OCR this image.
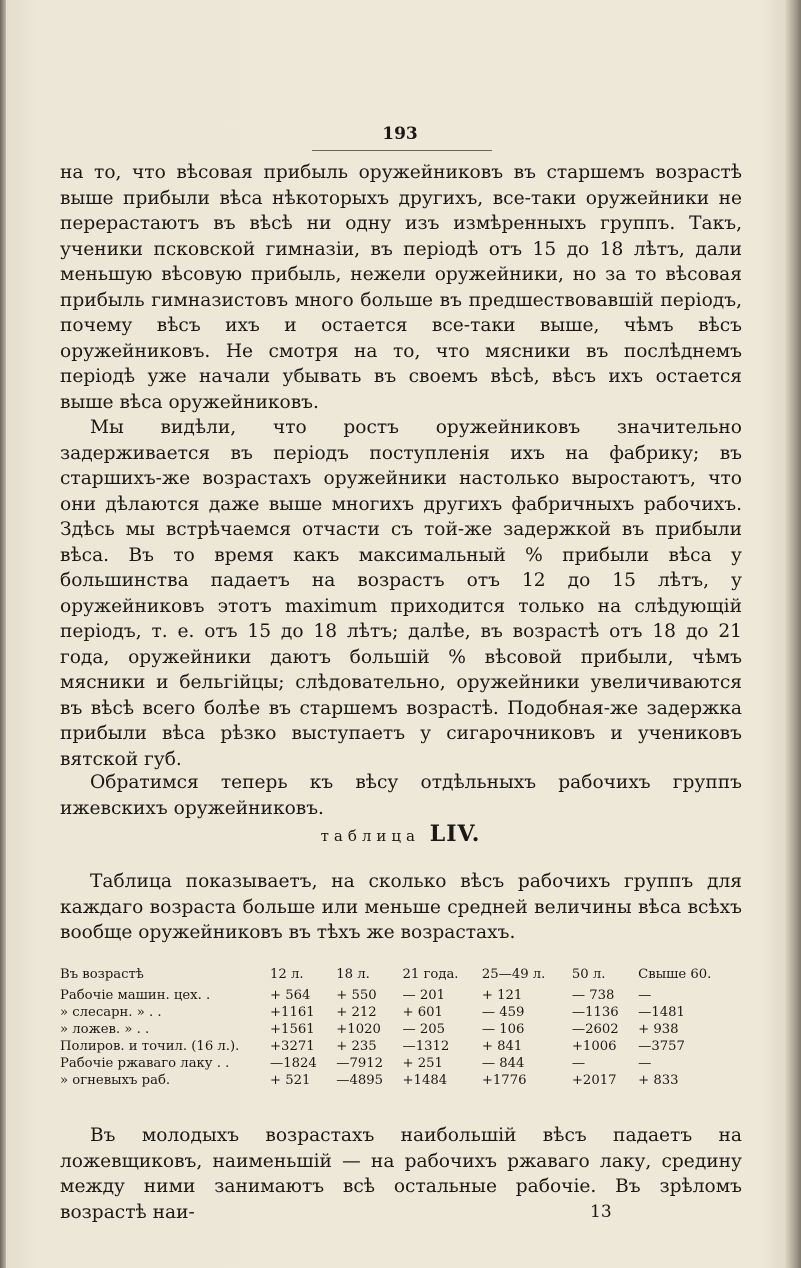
193

на то, что вѣсовая прибыль оружейниковъ въ старшемъ возрастѣ выше прибыли вѣса нѣкоторыхъ другихъ, все-таки оружейники не перерастаютъ въ вѣсѣ ни одну изъ измѣренныхъ группъ. Такъ, ученики псковской гимназіи, въ періодѣ отъ 15 до 18 лѣтъ, дали меньшую вѣсовую прибыль, нежели оружейники, но за то вѣсовая прибыль гимназистовъ много больше въ предшествовавшій періодъ, почему вѣсъ ихъ и остается все-таки выше, чѣмъ вѣсъ оружейниковъ. Не смотря на то, что мясники въ послѣднемъ періодѣ уже начали убывать въ своемъ вѣсѣ, вѣсъ ихъ остается выше вѣса оружейниковъ.

Мы видѣли, что ростъ оружейниковъ значительно задерживается въ періодъ поступленія ихъ на фабрику; въ старшихъ-же возрастахъ оружейники настолько выростаютъ, что они дѣлаются даже выше многихъ другихъ фабричныхъ рабочихъ. Здѣсь мы встрѣчаемся отчасти съ той-же задержкой въ прибыли вѣса. Въ то время какъ максимальный % прибыли вѣса у большинства падаетъ на возрастъ отъ 12 до 15 лѣтъ, у оружейниковъ этотъ maximum приходится только на слѣдующій періодъ, т. е. отъ 15 до 18 лѣтъ; далѣе, въ возрастѣ отъ 18 до 21 года, оружейники даютъ большій % вѣсовой прибыли, чѣмъ мясники и бельгійцы; слѣдовательно, оружейники увеличиваются въ вѣсѣ всего болѣе въ старшемъ возрастѣ. Подобная-же задержка прибыли вѣса рѣзко выступаетъ у сигарочниковъ и учениковъ вятской губ.

Обратимся теперь къ вѣсу отдѣльныхъ рабочихъ группъ ижевскихъ оружейниковъ.

таблица LIV.

Таблица показываетъ, на сколько вѣсъ рабочихъ группъ для каждаго возраста больше или меньше средней величины вѣса всѣхъ вообще оружейниковъ въ тѣхъ же возрастахъ.

Въ возрастѣ	12 л.	18 л.	21 года.	25—49 л.	50 л.	Свыше 60.
Рабочіе машин. цех. .	+ 564	+ 550	— 201	+ 121	— 738	—
» слесарн. » . .	+1161	+ 212	+ 601	— 459	—1136	—1481
» ложев. » . .	+1561	+1020	— 205	— 106	—2602	+ 938
Полиров. и точил. (16 л.).	+3271	+ 235	—1312	+ 841	+1006	—3757
Рабочіе ржаваго лаку . .	—1824	—7912	+ 251	— 844	—	—
» огневыхъ раб.	+ 521	—4895	+1484	+1776	+2017	+ 833

Въ молодыхъ возрастахъ наибольшій вѣсъ падаетъ на ложевщиковъ, наименьшій — на рабочихъ ржаваго лаку, средину между ними занимаютъ всѣ остальные рабочіе. Въ зрѣломъ возрастѣ наи-	13
